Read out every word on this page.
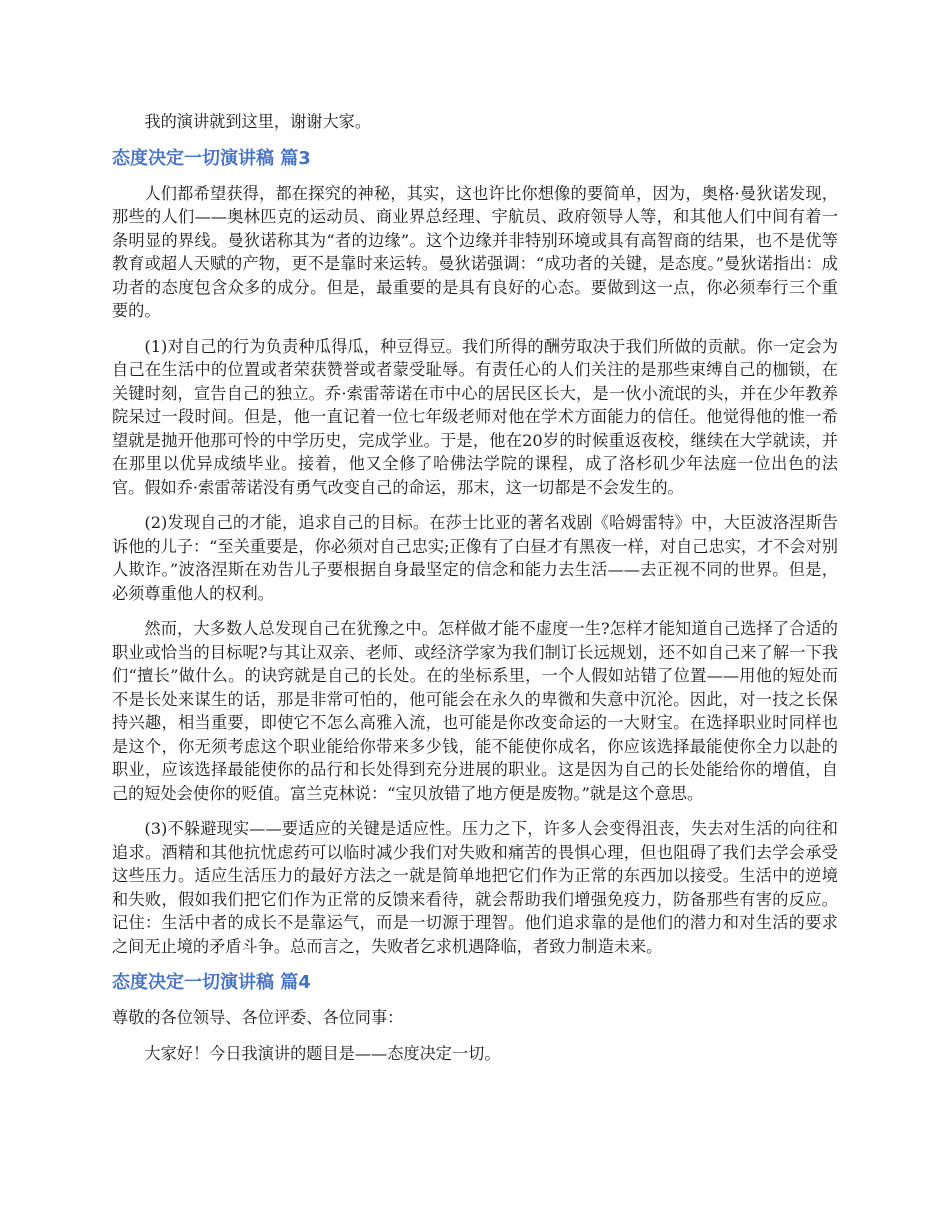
我的演讲就到这里，谢谢大家。

态度决定一切演讲稿 篇3

人们都希望获得，都在探究的神秘，其实，这也许比你想像的要简单，因为，奥格·曼狄诺发现，那些的人们——奥林匹克的运动员、商业界总经理、宇航员、政府领导人等，和其他人们中间有着一条明显的界线。曼狄诺称其为“者的边缘”。这个边缘并非特别环境或具有高智商的结果，也不是优等教育或超人天赋的产物，更不是靠时来运转。曼狄诺强调：“成功者的关键，是态度。”曼狄诺指出：成功者的态度包含众多的成分。但是，最重要的是具有良好的心态。要做到这一点，你必须奉行三个重要的。

(1)对自己的行为负责种瓜得瓜，种豆得豆。我们所得的酬劳取决于我们所做的贡献。你一定会为自己在生活中的位置或者荣获赞誉或者蒙受耻辱。有责任心的人们关注的是那些束缚自己的枷锁，在关键时刻，宣告自己的独立。乔·索雷蒂诺在市中心的居民区长大，是一伙小流氓的头，并在少年教养院呆过一段时间。但是，他一直记着一位七年级老师对他在学术方面能力的信任。他觉得他的惟一希望就是抛开他那可怜的中学历史，完成学业。于是，他在20岁的时候重返夜校，继续在大学就读，并在那里以优异成绩毕业。接着，他又全修了哈佛法学院的课程，成了洛杉矶少年法庭一位出色的法官。假如乔·索雷蒂诺没有勇气改变自己的命运，那末，这一切都是不会发生的。

(2)发现自己的才能，追求自己的目标。在莎士比亚的著名戏剧《哈姆雷特》中，大臣波洛涅斯告诉他的儿子：“至关重要是，你必须对自己忠实;正像有了白昼才有黑夜一样，对自己忠实，才不会对别人欺诈。”波洛涅斯在劝告儿子要根据自身最坚定的信念和能力去生活——去正视不同的世界。但是，必须尊重他人的权利。

然而，大多数人总发现自己在犹豫之中。怎样做才能不虚度一生?怎样才能知道自己选择了合适的职业或恰当的目标呢?与其让双亲、老师、或经济学家为我们制订长远规划，还不如自己来了解一下我们“擅长”做什么。的诀窍就是自己的长处。在的坐标系里，一个人假如站错了位置——用他的短处而不是长处来谋生的话，那是非常可怕的，他可能会在永久的卑微和失意中沉沦。因此，对一技之长保持兴趣，相当重要，即使它不怎么高雅入流，也可能是你改变命运的一大财宝。在选择职业时同样也是这个，你无须考虑这个职业能给你带来多少钱，能不能使你成名，你应该选择最能使你全力以赴的职业，应该选择最能使你的品行和长处得到充分进展的职业。这是因为自己的长处能给你的增值，自己的短处会使你的贬值。富兰克林说：“宝贝放错了地方便是废物。”就是这个意思。

(3)不躲避现实——要适应的关键是适应性。压力之下，许多人会变得沮丧，失去对生活的向往和追求。酒精和其他抗忧虑药可以临时减少我们对失败和痛苦的畏惧心理，但也阻碍了我们去学会承受这些压力。适应生活压力的最好方法之一就是简单地把它们作为正常的东西加以接受。生活中的逆境和失败，假如我们把它们作为正常的反馈来看待，就会帮助我们增强免疫力，防备那些有害的反应。记住：生活中者的成长不是靠运气，而是一切源于理智。他们追求靠的是他们的潜力和对生活的要求之间无止境的矛盾斗争。总而言之，失败者乞求机遇降临，者致力制造未来。

态度决定一切演讲稿 篇4

尊敬的各位领导、各位评委、各位同事：

大家好！今日我演讲的题目是——态度决定一切。
